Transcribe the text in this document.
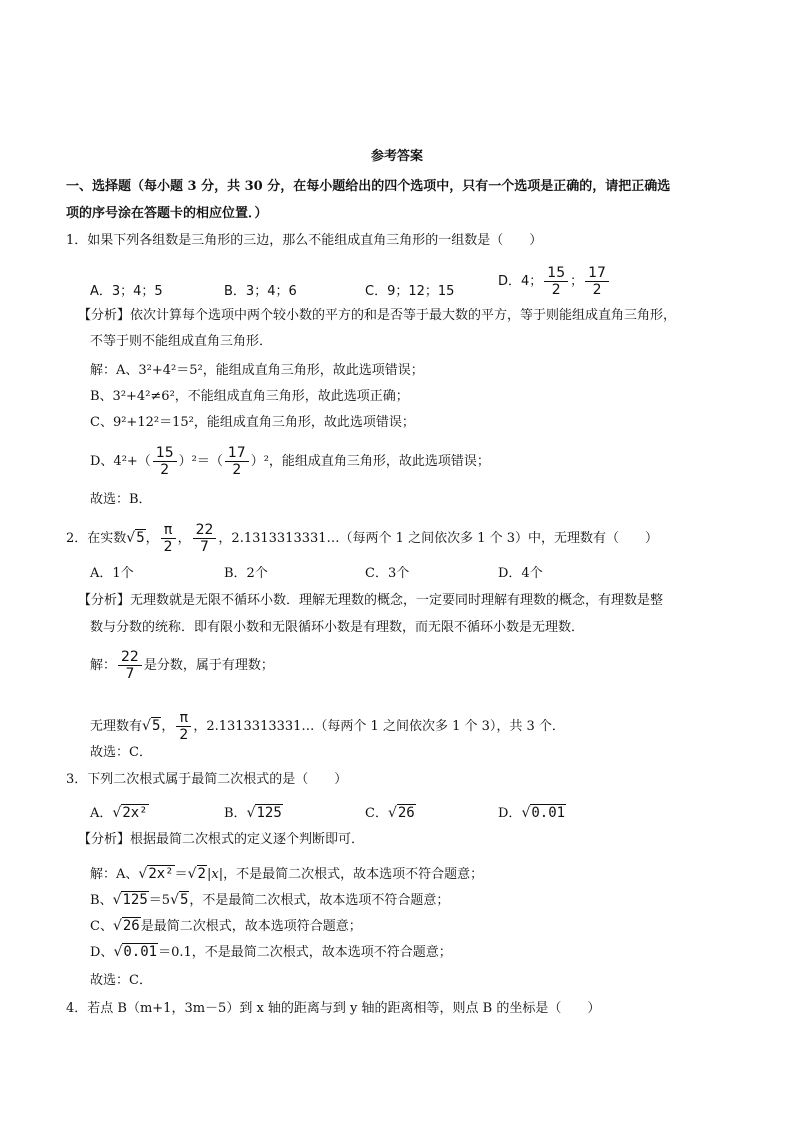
参考答案
一、选择题（每小题 3 分，共 30 分，在每小题给出的四个选项中，只有一个选项是正确的，请把正确选
项的序号涂在答题卡的相应位置．）
1．如果下列各组数是三角形的三边，那么不能组成直角三角形的一组数是（　　）
A．3；4；5	B．3；4；6	C．9；12；15
D．4； $\frac{15}{2}$ ； $\frac{17}{2}$
【分析】依次计算每个选项中两个较小数的平方的和是否等于最大数的平方，等于则能组成直角三角形，
不等于则不能组成直角三角形．
解：A、3²+4²＝5²，能组成直角三角形，故此选项错误；
B、3²+4²≠6²，不能组成直角三角形，故此选项正确；
C、9²+12²＝15²，能组成直角三角形，故此选项错误；
D、$4^2+( \frac{15}{2} )^2=( \frac{17}{2} )^2$，能组成直角三角形，故此选项错误；
故选：B．
2．在实数√5， $\frac{\pi}{2}$ ， $\frac{22}{7}$ ，2.1313313331…（每两个 1 之间依次多 1 个 3）中，无理数有（　　）
A．1个	B．2个	C．3个	D．4个
【分析】无理数就是无限不循环小数．理解无理数的概念，一定要同时理解有理数的概念，有理数是整
数与分数的统称．即有限小数和无限循环小数是有理数，而无限不循环小数是无理数．
解： $\frac{22}{7}$ 是分数，属于有理数；
无理数有√5， $\frac{\pi}{2}$ ，2.1313313331…（每两个 1 之间依次多 1 个 3），共 3 个．
故选：C．
3．下列二次根式属于最简二次根式的是（　　）
A．√2x²	B．√125	C．√26	D．√0.01
【分析】根据最简二次根式的定义逐个判断即可．
解：A、√2x²＝√2|x|，不是最简二次根式，故本选项不符合题意；
B、√125＝5√5，不是最简二次根式，故本选项不符合题意；
C、√26是最简二次根式，故本选项符合题意；
D、√0.01＝0.1，不是最简二次根式，故本选项不符合题意；
故选：C．
4．若点 B（m+1，3m－5）到 x 轴的距离与到 y 轴的距离相等，则点 B 的坐标是（　　）
